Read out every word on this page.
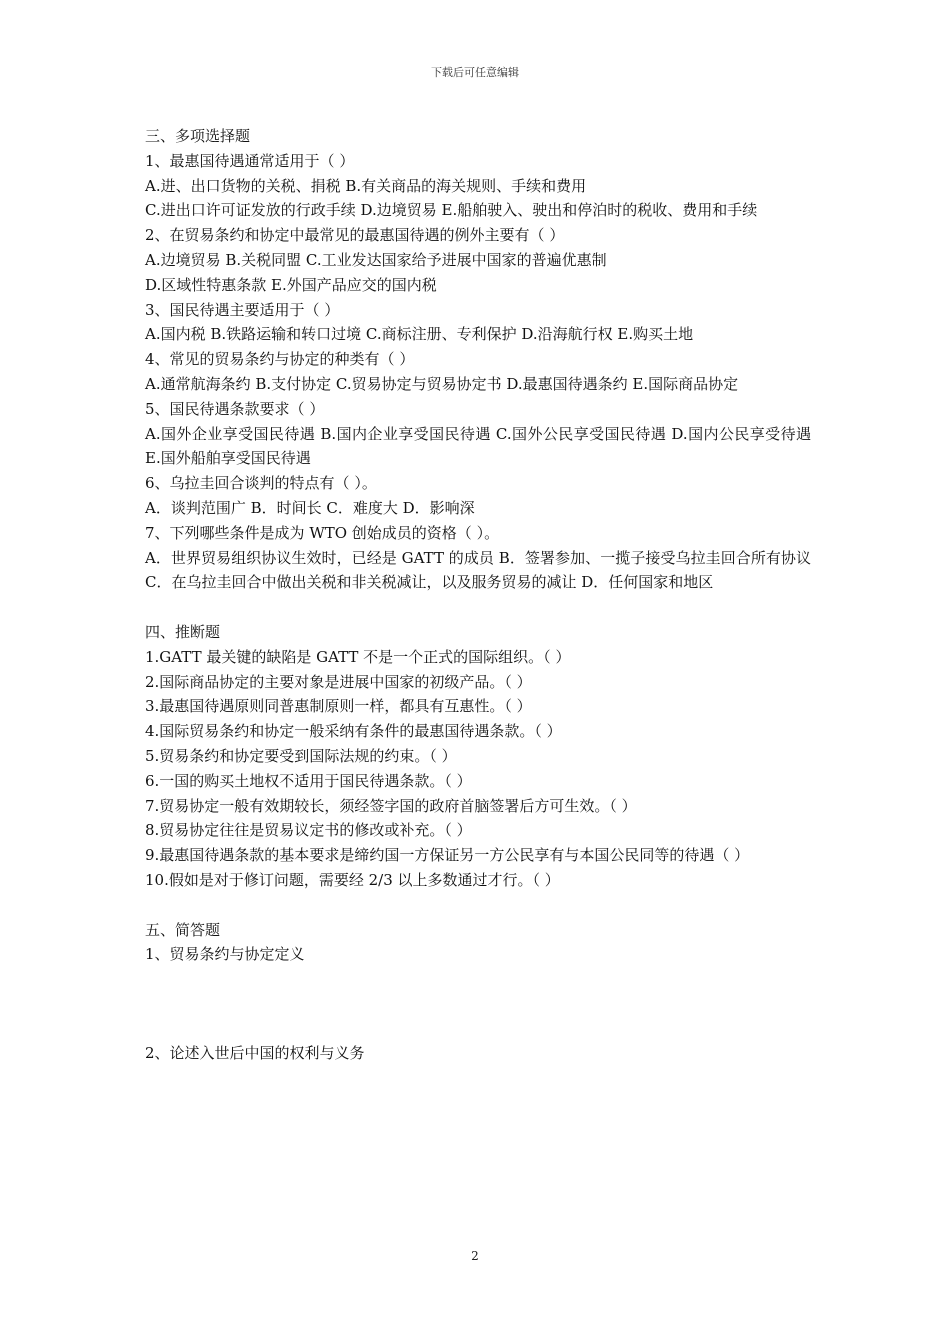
下载后可任意编辑
三、多项选择题
1、最惠国待遇通常适用于（ ）
A.进、出口货物的关税、捐税 B.有关商品的海关规则、手续和费用
C.进出口许可证发放的行政手续 D.边境贸易 E.船舶驶入、驶出和停泊时的税收、费用和手续
2、在贸易条约和协定中最常见的最惠国待遇的例外主要有（ ）
A.边境贸易 B.关税同盟 C.工业发达国家给予进展中国家的普遍优惠制
D.区域性特惠条款 E.外国产品应交的国内税
3、国民待遇主要适用于（ ）
A.国内税 B.铁路运输和转口过境 C.商标注册、专利保护 D.沿海航行权 E.购买土地
4、常见的贸易条约与协定的种类有（ ）
A.通常航海条约 B.支付协定 C.贸易协定与贸易协定书 D.最惠国待遇条约 E.国际商品协定
5、国民待遇条款要求（ ）
A.国外企业享受国民待遇 B.国内企业享受国民待遇 C.国外公民享受国民待遇 D.国内公民享受待遇 E.国外船舶享受国民待遇
6、乌拉圭回合谈判的特点有（ ）。
A．谈判范围广 B．时间长 C．难度大 D．影响深
7、下列哪些条件是成为 WTO 创始成员的资格（ ）。
A．世界贸易组织协议生效时，已经是 GATT 的成员 B．签署参加、一揽子接受乌拉圭回合所有协议 C．在乌拉圭回合中做出关税和非关税减让，以及服务贸易的减让 D．任何国家和地区
四、推断题
1.GATT 最关键的缺陷是 GATT 不是一个正式的国际组织。（ ）
2.国际商品协定的主要对象是进展中国家的初级产品。（ ）
3.最惠国待遇原则同普惠制原则一样，都具有互惠性。（ ）
4.国际贸易条约和协定一般采纳有条件的最惠国待遇条款。（ ）
5.贸易条约和协定要受到国际法规的约束。（ ）
6.一国的购买土地权不适用于国民待遇条款。（ ）
7.贸易协定一般有效期较长，须经签字国的政府首脑签署后方可生效。（ ）
8.贸易协定往往是贸易议定书的修改或补充。（ ）
9.最惠国待遇条款的基本要求是缔约国一方保证另一方公民享有与本国公民同等的待遇（ ）
10.假如是对于修订问题，需要经 2/3 以上多数通过才行。（ ）
五、简答题
1、贸易条约与协定定义
2、论述入世后中国的权利与义务
2
